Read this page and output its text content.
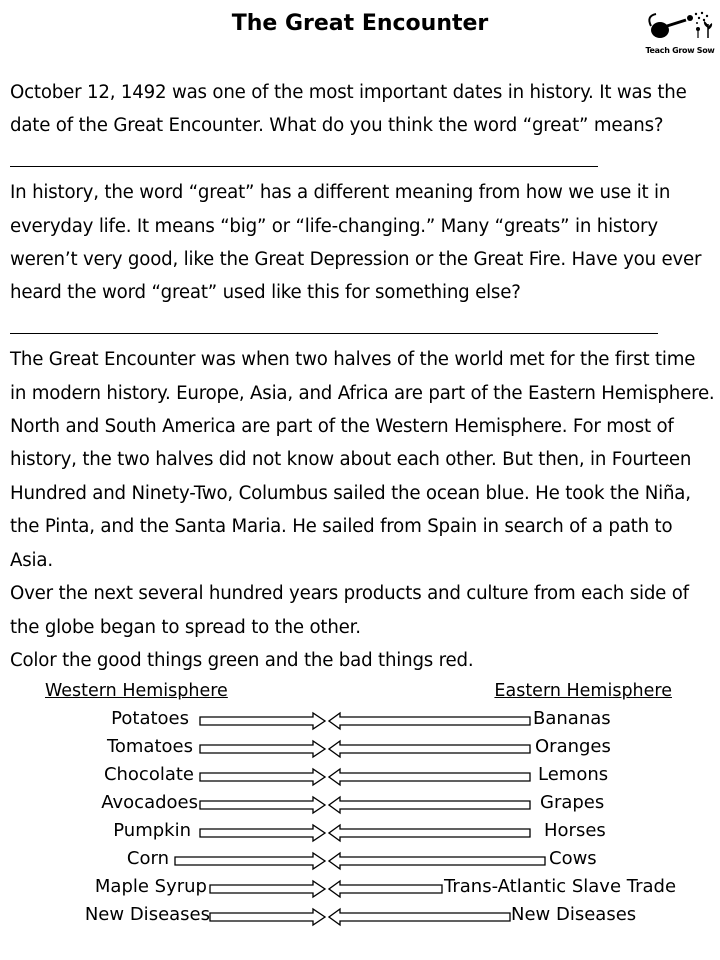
The Great Encounter
Teach Grow Sow

October 12, 1492 was one of the most important dates in history. It was the date of the Great Encounter. What do you think the word “great” means?

In history, the word “great” has a different meaning from how we use it in everyday life. It means “big” or “life-changing.” Many “greats” in history weren’t very good, like the Great Depression or the Great Fire. Have you ever heard the word “great” used like this for something else?

The Great Encounter was when two halves of the world met for the first time in modern history. Europe, Asia, and Africa are part of the Eastern Hemisphere. North and South America are part of the Western Hemisphere. For most of history, the two halves did not know about each other. But then, in Fourteen Hundred and Ninety-Two, Columbus sailed the ocean blue. He took the Niña, the Pinta, and the Santa Maria. He sailed from Spain in search of a path to Asia.

Over the next several hundred years products and culture from each side of the globe began to spread to the other.

Color the good things green and the bad things red.

Western Hemisphere	Eastern Hemisphere
Potatoes	Bananas
Tomatoes	Oranges
Chocolate	Lemons
Avocadoes	Grapes
Pumpkin	Horses
Corn	Cows
Maple Syrup	Trans-Atlantic Slave Trade
New Diseases	New Diseases
